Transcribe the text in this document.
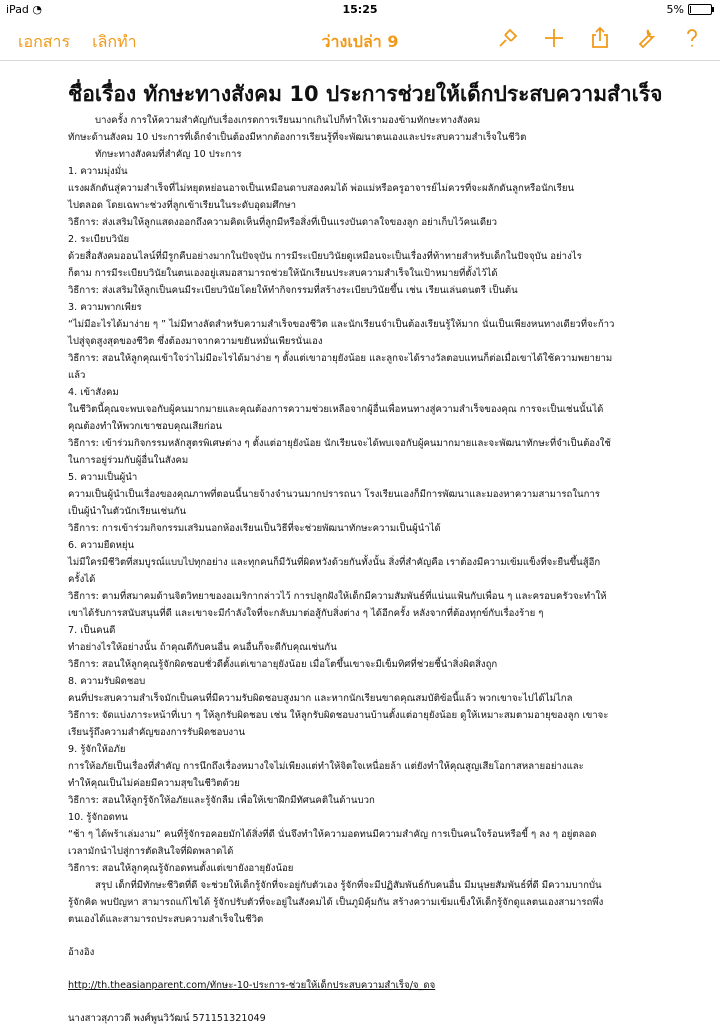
iPad ◔	15:25	5%
เอกสาร เลิกทำ	ว่างเปล่า 9
ชื่อเรื่อง ทักษะทางสังคม 10 ประการช่วยให้เด็กประสบความสำเร็จ

บางครั้ง การให้ความสำคัญกับเรื่องเกรดการเรียนมากเกินไปก็ทำให้เรามองข้ามทักษะทางสังคม

ทักษะด้านสังคม 10 ประการที่เด็กจำเป็นต้องมีหากต้องการเรียนรู้ที่จะพัฒนาตนเองและประสบความสำเร็จในชีวิต

ทักษะทางสังคมที่สำคัญ 10 ประการ

1. ความมุ่งมั่น

แรงผลักดันสู่ความสำเร็จที่ไม่หยุดหย่อนอาจเป็นเหมือนดาบสองคมได้ พ่อแม่หรือครูอาจารย์ไม่ควรที่จะผลักดันลูกหรือนักเรียน

ไปตลอด โดยเฉพาะช่วงที่ลูกเข้าเรียนในระดับอุดมศึกษา

วิธีการ: ส่งเสริมให้ลูกแสดงออกถึงความคิดเห็นที่ลูกมีหรือสิ่งที่เป็นแรงบันดาลใจของลูก อย่าเก็บไว้คนเดียว

2. ระเบียบวินัย

ด้วยสื่อสังคมออนไลน์ที่มีรูกคืบอย่างมากในปัจจุบัน การมีระเบียบวินัยดูเหมือนจะเป็นเรื่องที่ท้าทายสำหรับเด็กในปัจจุบัน อย่างไร

ก็ตาม การมีระเบียบวินัยในตนเองอยู่เสมอสามารถช่วยให้นักเรียนประสบความสำเร็จในเป้าหมายที่ตั้งไว้ได้

วิธีการ: ส่งเสริมให้ลูกเป็นคนมีระเบียบวินัยโดยให้ทำกิจกรรมที่สร้างระเบียบวินัยขึ้น เช่น เรียนเล่นดนตรี เป็นต้น

3. ความพากเพียร

“ไม่มีอะไรได้มาง่าย ๆ ” ไม่มีทางลัดสำหรับความสำเร็จของชีวิต และนักเรียนจำเป็นต้องเรียนรู้ให้มาก นั่นเป็นเพียงหนทางเดียวที่จะก้าว

ไปสู่จุดสูงสุดของชีวิต ซึ่งต้องมาจากความขยันหมั่นเพียรนั่นเอง

วิธีการ: สอนให้ลูกคุณเข้าใจว่าไม่มีอะไรได้มาง่าย ๆ ตั้งแต่เขาอายุยังน้อย และลูกจะได้รางวัลตอบแทนก็ต่อเมื่อเขาได้ใช้ความพยายาม

แล้ว

4. เข้าสังคม

ในชีวิตนี้คุณจะพบเจอกับผู้คนมากมายและคุณต้องการความช่วยเหลือจากผู้อื่นเพื่อหนทางสู่ความสำเร็จของคุณ การจะเป็นเช่นนั้นได้

คุณต้องทำให้พวกเขาชอบคุณเสียก่อน

วิธีการ: เข้าร่วมกิจกรรมหลักสูตรพิเศษต่าง ๆ ตั้งแต่อายุยังน้อย นักเรียนจะได้พบเจอกับผู้คนมากมายและจะพัฒนาทักษะที่จำเป็นต้องใช้

ในการอยู่ร่วมกับผู้อื่นในสังคม

5. ความเป็นผู้นำ

ความเป็นผู้นำเป็นเรื่องของคุณภาพที่ตอนนี้นายจ้างจำนวนมากปรารถนา โรงเรียนเองก็มีการพัฒนาและมองหาความสามารถในการ

เป็นผู้นำในตัวนักเรียนเช่นกัน

วิธีการ: การเข้าร่วมกิจกรรมเสริมนอกห้องเรียนเป็นวิธีที่จะช่วยพัฒนาทักษะความเป็นผู้นำได้

6. ความยืดหยุ่น

ไม่มีใครมีชีวิตที่สมบูรณ์แบบไปทุกอย่าง และทุกคนก็มีวันที่ผิดหวังด้วยกันทั้งนั้น สิ่งที่สำคัญคือ เราต้องมีความเข้มแข็งที่จะยืนขึ้นสู้อีก

ครั้งได้

วิธีการ: ตามที่สมาคมด้านจิตวิทยาของอเมริกากล่าวไว้ การปลูกฝังให้เด็กมีความสัมพันธ์ที่แน่นแฟ้นกับเพื่อน ๆ และครอบครัวจะทำให้

เขาได้รับการสนับสนุนที่ดี และเขาจะมีกำลังใจที่จะกลับมาต่อสู้กับสิ่งต่าง ๆ ได้อีกครั้ง หลังจากที่ต้องทุกข์กับเรื่องร้าย ๆ

7. เป็นคนดี

ทำอย่างไรให้อย่างนั้น ถ้าคุณดีกับคนอื่น คนอื่นก็จะดีกับคุณเช่นกัน

วิธีการ: สอนให้ลูกคุณรู้จักผิดชอบชั่วดีตั้งแต่เขาอายุยังน้อย เมื่อโตขึ้นเขาจะมีเข็มทิศที่ช่วยชี้นำสิ่งผิดสิ่งถูก

8. ความรับผิดชอบ

คนที่ประสบความสำเร็จมักเป็นคนที่มีความรับผิดชอบสูงมาก และหากนักเรียนขาดคุณสมบัติข้อนี้แล้ว พวกเขาจะไปได้ไม่ไกล

วิธีการ: จัดแบ่งภาระหน้าที่เบา ๆ ให้ลูกรับผิดชอบ เช่น ให้ลูกรับผิดชอบงานบ้านตั้งแต่อายุยังน้อย ดูให้เหมาะสมตามอายุของลูก เขาจะ

เรียนรู้ถึงความสำคัญของการรับผิดชอบงาน

9. รู้จักให้อภัย

การให้อภัยเป็นเรื่องที่สำคัญ การนึกถึงเรื่องหมางใจไม่เพียงแต่ทำให้จิตใจเหนื่อยล้า แต่ยังทำให้คุณสูญเสียโอกาสหลายอย่างและ

ทำให้คุณเป็นไม่ค่อยมีความสุขในชีวิตด้วย

วิธีการ: สอนให้ลูกรู้จักให้อภัยและรู้จักลืม เพื่อให้เขาฝึกมีทัศนคติในด้านบวก

10. รู้จักอดทน

“ช้า ๆ ได้พร้าเล่มงาม” คนที่รู้จักรอคอยมักได้สิ่งที่ดี นั่นจึงทำให้ความอดทนมีความสำคัญ การเป็นคนใจร้อนหรือขี้ ๆ ลง ๆ อยู่ตลอด

เวลามักนำไปสู่การตัดสินใจที่ผิดพลาดได้

วิธีการ: สอนให้ลูกคุณรู้จักอดทนตั้งแต่เขายังอายุยังน้อย

สรุป เด็กที่มีทักษะชีวิตที่ดี จะช่วยให้เด็กรู้จักที่จะอยู่กับตัวเอง รู้จักที่จะมีปฏิสัมพันธ์กับคนอื่น มีมนุษยสัมพันธ์ที่ดี มีความบากบั่น

รู้จักคิด พบปัญหา สามารถแก้ไขได้ รู้จักปรับตัวที่จะอยู่ในสังคมได้ เป็นภูมิคุ้มกัน สร้างความเข้มแข็งให้เด็กรู้จักดูแลตนเองสามารถพึ่ง

ตนเองได้และสามารถประสบความสำเร็จในชีวิต

อ้างอิง

http://th.theasianparent.com/ทักษะ-10-ประการ-ช่วยให้เด็กประสบความสำเร็จ/จ_ดจ

นางสาวสุภาวดี พงศ์พูนวิวัฒน์ 571151321049
